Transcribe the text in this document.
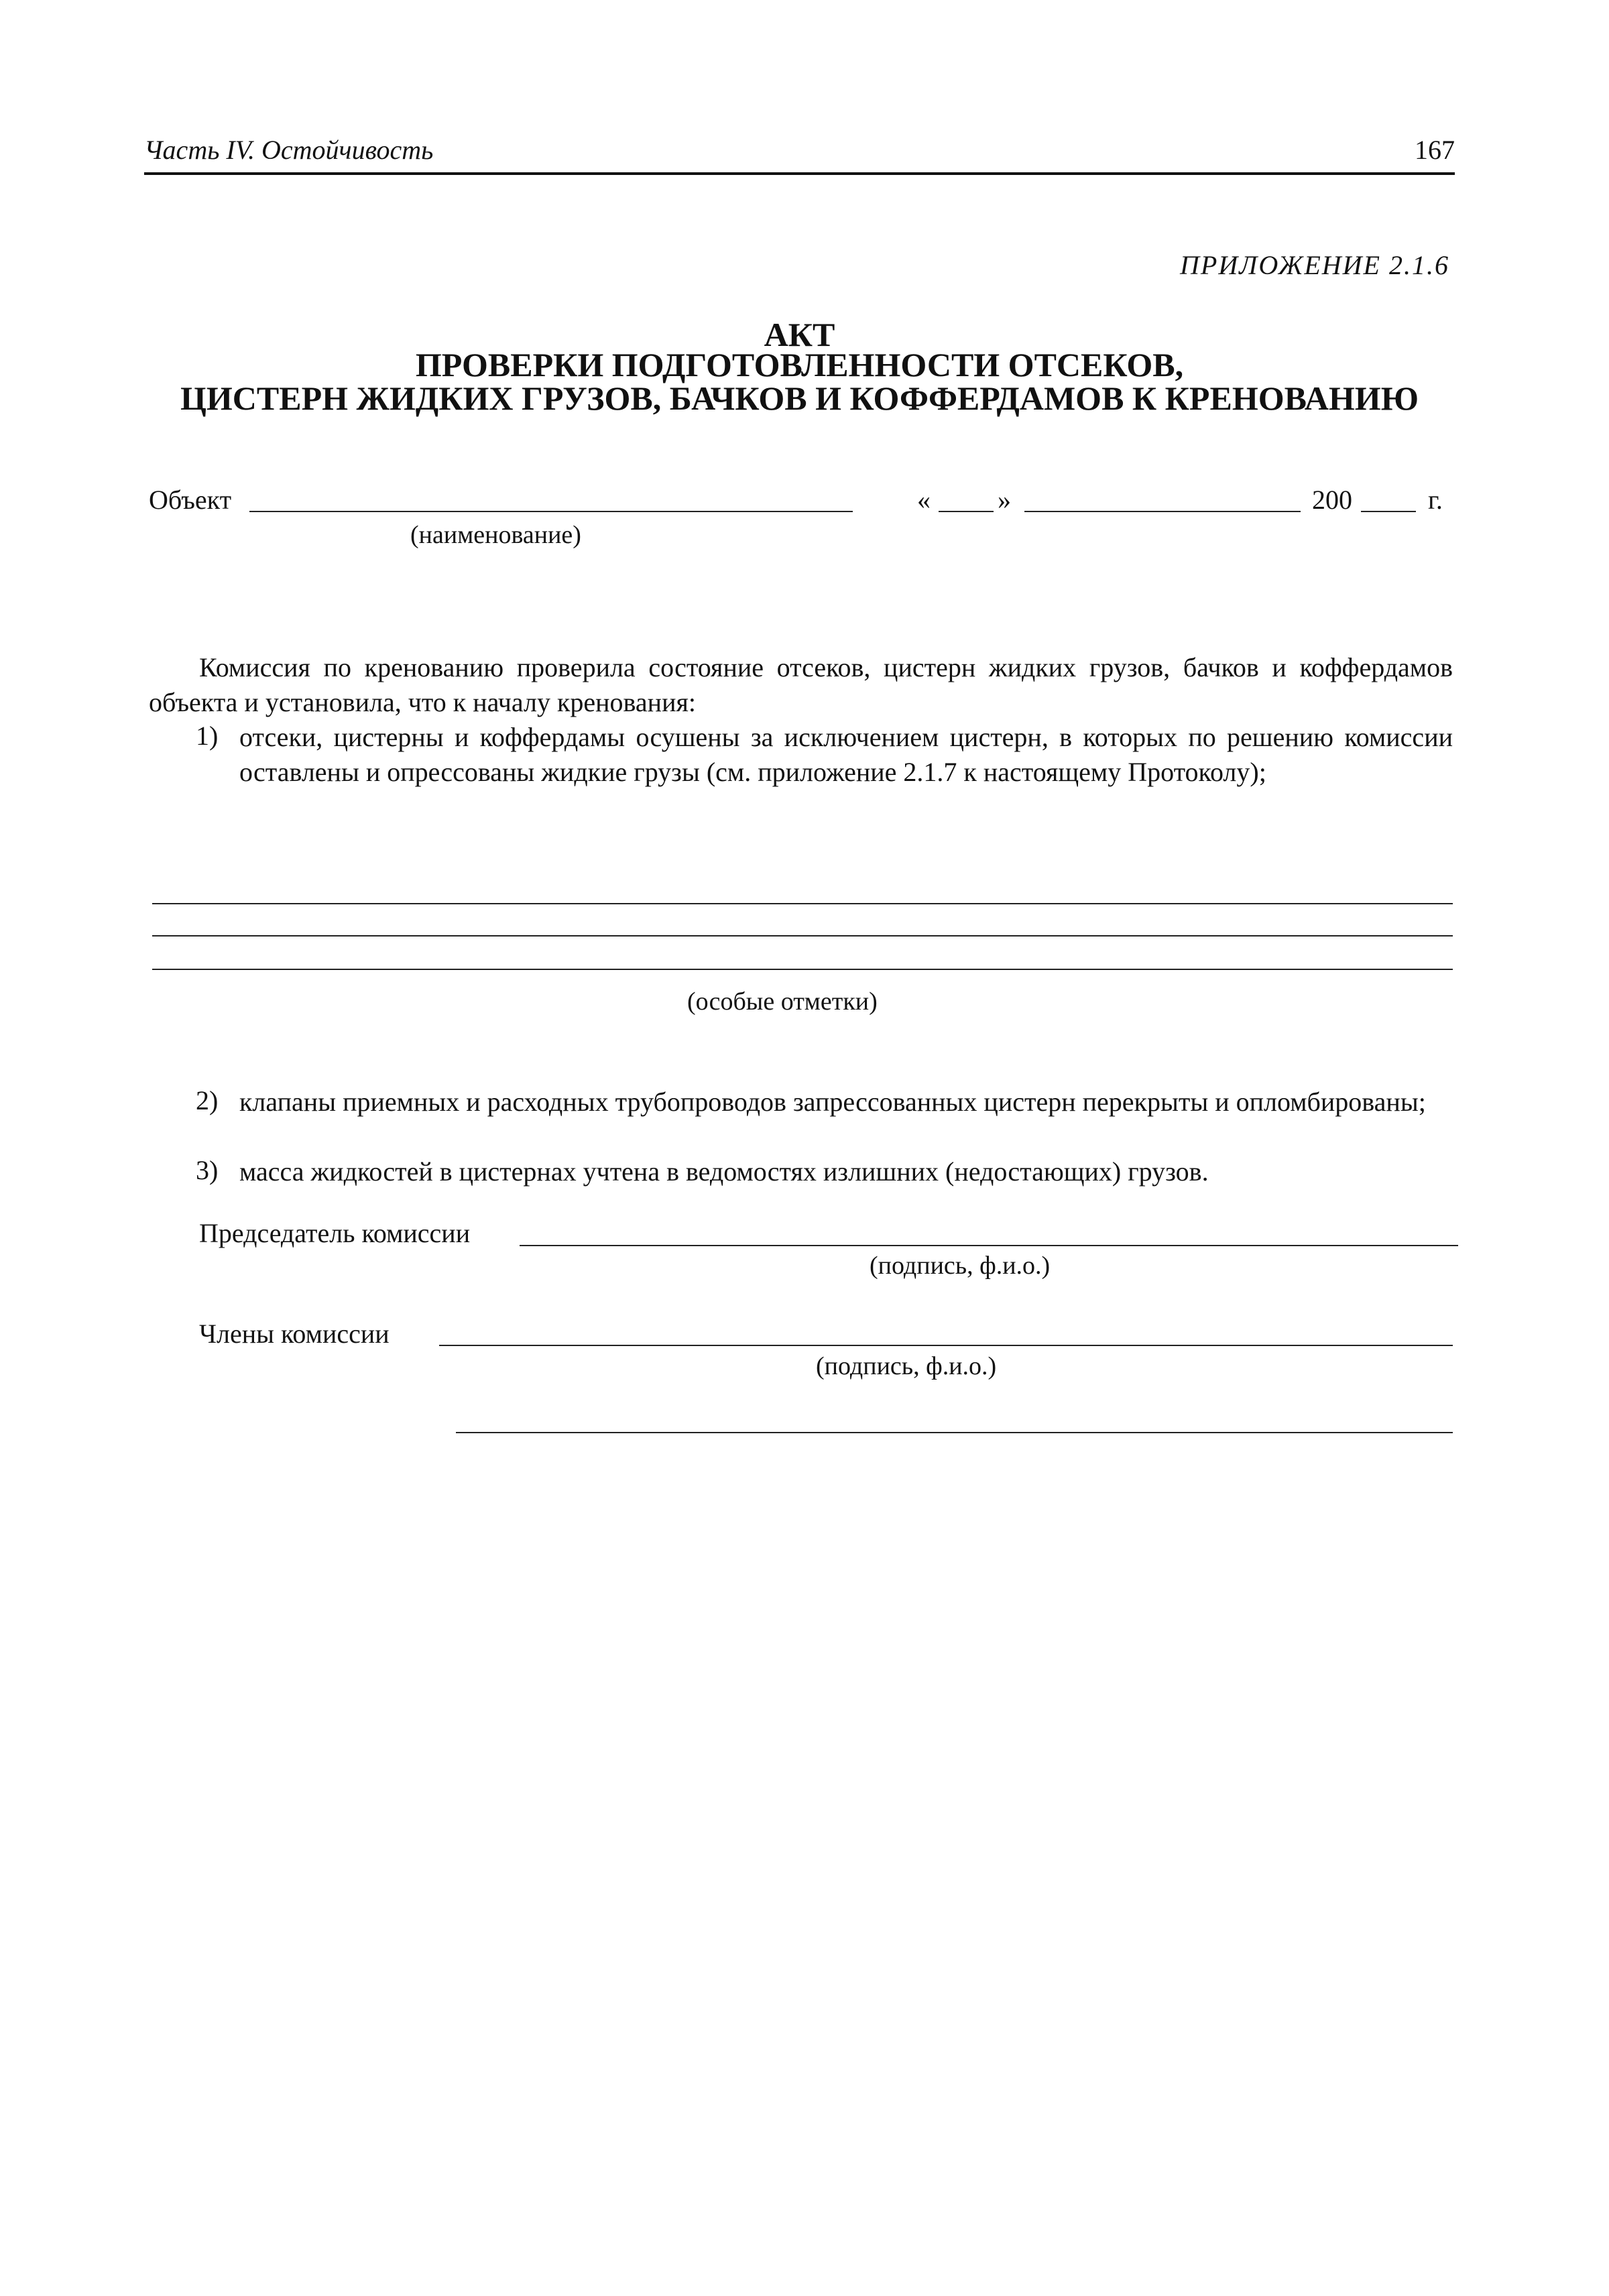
Часть IV. Остойчивость	167
ПРИЛОЖЕНИЕ 2.1.6
АКТ
ПРОВЕРКИ ПОДГОТОВЛЕННОСТИ ОТСЕКОВ,
ЦИСТЕРН ЖИДКИХ ГРУЗОВ, БАЧКОВ И КОФФЕРДАМОВ К КРЕНОВАНИЮ
Объект
(наименование)
«	»	200	г.
Комиссия по кренованию проверила состояние отсеков, цистерн жидких грузов, бачков и коффердамов объекта и установила, что к началу кренования:
1) отсеки, цистерны и коффердамы осушены за исключением цистерн, в которых по решению комиссии оставлены и опрессованы жидкие грузы (см. приложение 2.1.7 к настоящему Протоколу);
(особые отметки)
2) клапаны приемных и расходных трубопроводов запрессованных цистерн перекрыты и опломбированы;
3) масса жидкостей в цистернах учтена в ведомостях излишних (недостающих) грузов.
Председатель комиссии
(подпись, ф.и.о.)
Члены комиссии
(подпись, ф.и.о.)
